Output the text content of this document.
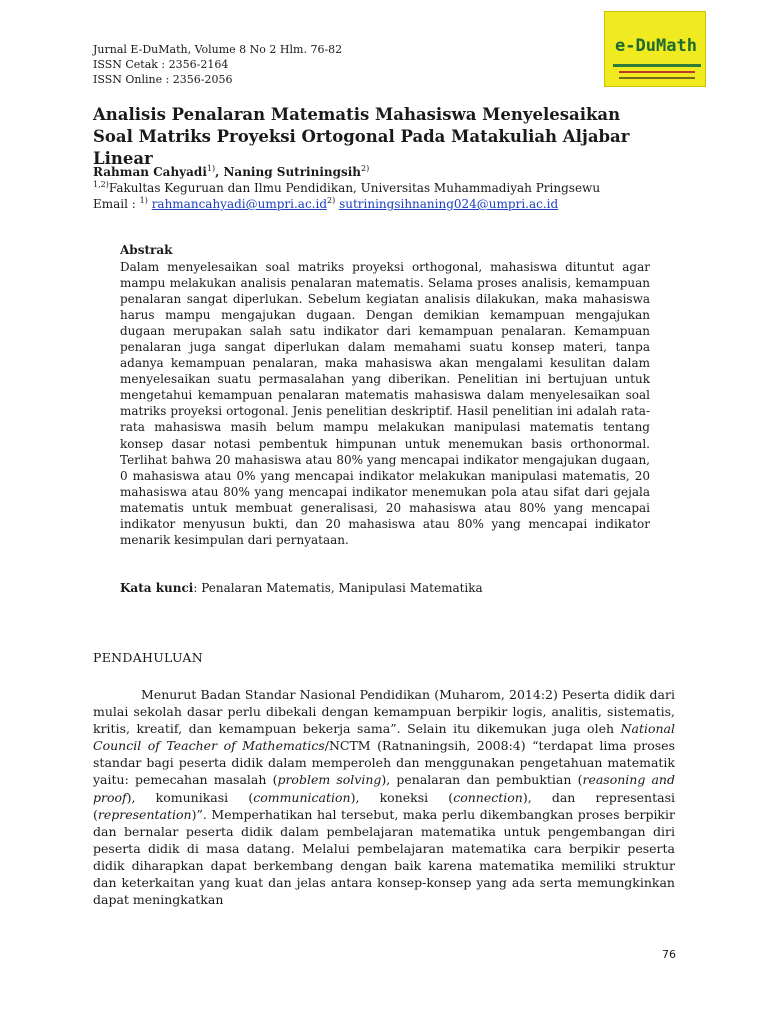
Jurnal E-DuMath, Volume 8 No 2 Hlm. 76-82
ISSN Cetak : 2356-2164
ISSN Online : 2356-2056
e-DuMath
Analisis Penalaran Matematis Mahasiswa Menyelesaikan Soal Matriks Proyeksi Ortogonal Pada Matakuliah Aljabar Linear
Rahman Cahyadi$^{1)}$, Naning Sutriningsih$^{2)}$
$^{1,2)}$Fakultas Keguruan dan Ilmu Pendidikan, Universitas Muhammadiyah Pringsewu
Email : $^{1)}$ $rahmancahyadi@umpri.ac.id^{2)}$ sutriningsihnaning024@umpri.ac.id
Abstrak

Dalam menyelesaikan soal matriks proyeksi orthogonal, mahasiswa dituntut agar mampu melakukan analisis penalaran matematis. Selama proses analisis, kemampuan penalaran sangat diperlukan. Sebelum kegiatan analisis dilakukan, maka mahasiswa harus mampu mengajukan dugaan. Dengan demikian kemampuan mengajukan dugaan merupakan salah satu indikator dari kemampuan penalaran. Kemampuan penalaran juga sangat diperlukan dalam memahami suatu konsep materi, tanpa adanya kemampuan penalaran, maka mahasiswa akan mengalami kesulitan dalam menyelesaikan suatu permasalahan yang diberikan. Penelitian ini bertujuan untuk mengetahui kemampuan penalaran matematis mahasiswa dalam menyelesaikan soal matriks proyeksi ortogonal. Jenis penelitian deskriptif. Hasil penelitian ini adalah rata-rata mahasiswa masih belum mampu melakukan manipulasi matematis tentang konsep dasar notasi pembentuk himpunan untuk menemukan basis orthonormal. Terlihat bahwa 20 mahasiswa atau 80% yang mencapai indikator mengajukan dugaan, 0 mahasiswa atau 0% yang mencapai indikator melakukan manipulasi matematis, 20 mahasiswa atau 80% yang mencapai indikator menemukan pola atau sifat dari gejala matematis untuk membuat generalisasi, 20 mahasiswa atau 80% yang mencapai indikator menyusun bukti, dan 20 mahasiswa atau 80% yang mencapai indikator menarik kesimpulan dari pernyataan.

Kata kunci: Penalaran Matematis, Manipulasi Matematika
PENDAHULUAN

Menurut Badan Standar Nasional Pendidikan (Muharom, 2014:2) Peserta didik dari mulai sekolah dasar perlu dibekali dengan kemampuan berpikir logis, analitis, sistematis, kritis, kreatif, dan kemampuan bekerja sama”. Selain itu dikemukan juga oleh National Council of Teacher of Mathematics/NCTM (Ratnaningsih, 2008:4) “terdapat lima proses standar bagi peserta didik dalam memperoleh dan menggunakan pengetahuan matematik yaitu: pemecahan masalah (problem solving), penalaran dan pembuktian (reasoning and proof), komunikasi (communication), koneksi (connection), dan representasi (representation)”. Memperhatikan hal tersebut, maka perlu dikembangkan proses berpikir dan bernalar peserta didik dalam pembelajaran matematika untuk pengembangan diri peserta didik di masa datang. Melalui pembelajaran matematika cara berpikir peserta didik diharapkan dapat berkembang dengan baik karena matematika memiliki struktur dan keterkaitan yang kuat dan jelas antara konsep-konsep yang ada serta memungkinkan dapat meningkatkan

76
